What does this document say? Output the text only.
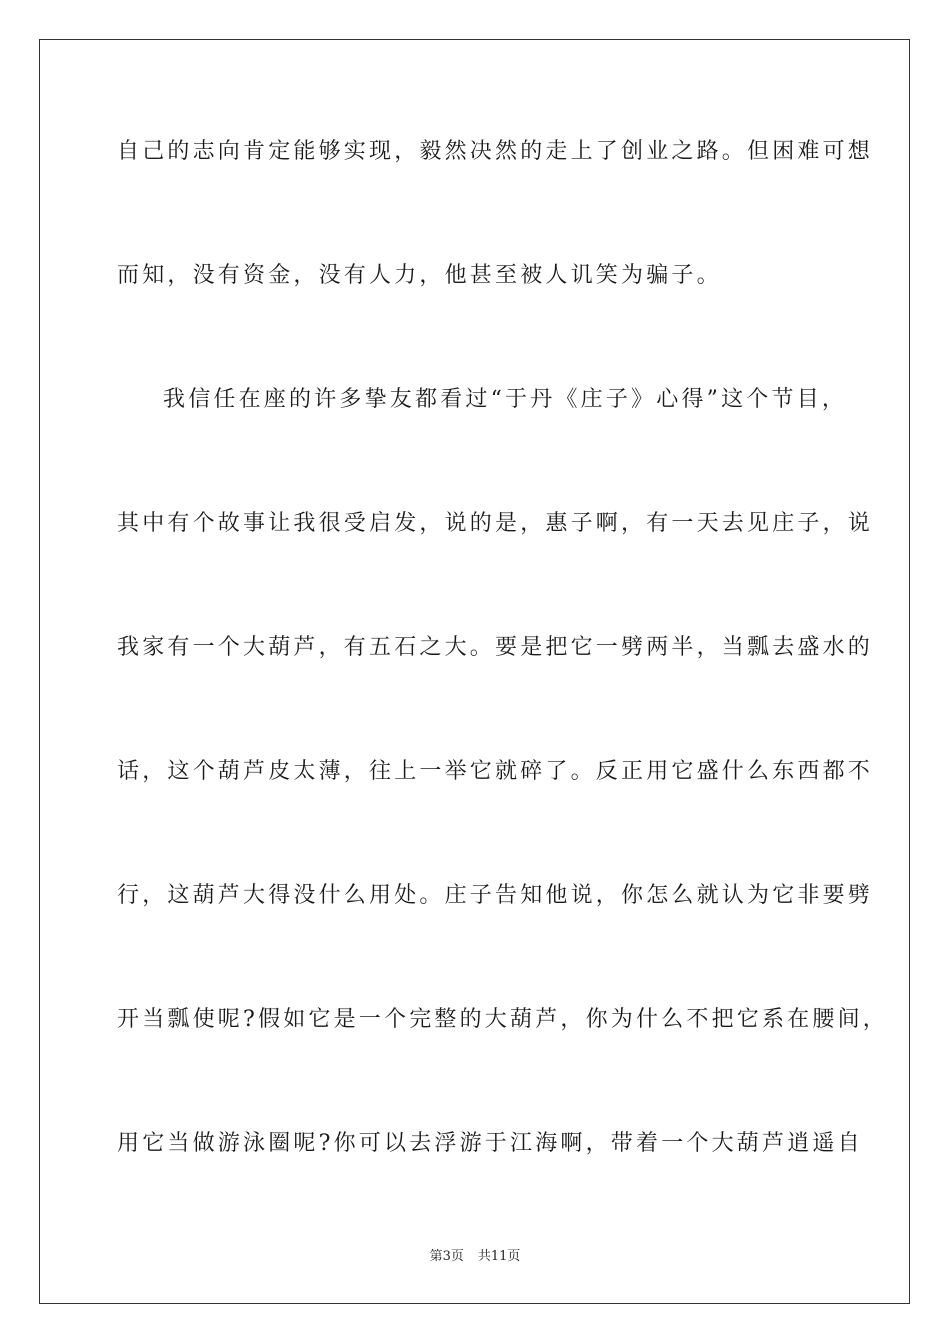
自己的志向肯定能够实现，毅然决然的走上了创业之路。但困难可想
而知，没有资金，没有人力，他甚至被人讥笑为骗子。
我信任在座的许多挚友都看过“于丹《庄子》心得”这个节目，
其中有个故事让我很受启发，说的是，惠子啊，有一天去见庄子，说
我家有一个大葫芦，有五石之大。要是把它一劈两半，当瓢去盛水的
话，这个葫芦皮太薄，往上一举它就碎了。反正用它盛什么东西都不
行，这葫芦大得没什么用处。庄子告知他说，你怎么就认为它非要劈
开当瓢使呢?假如它是一个完整的大葫芦，你为什么不把它系在腰间，
用它当做游泳圈呢?你可以去浮游于江海啊，带着一个大葫芦逍遥自
第3页 共11页
